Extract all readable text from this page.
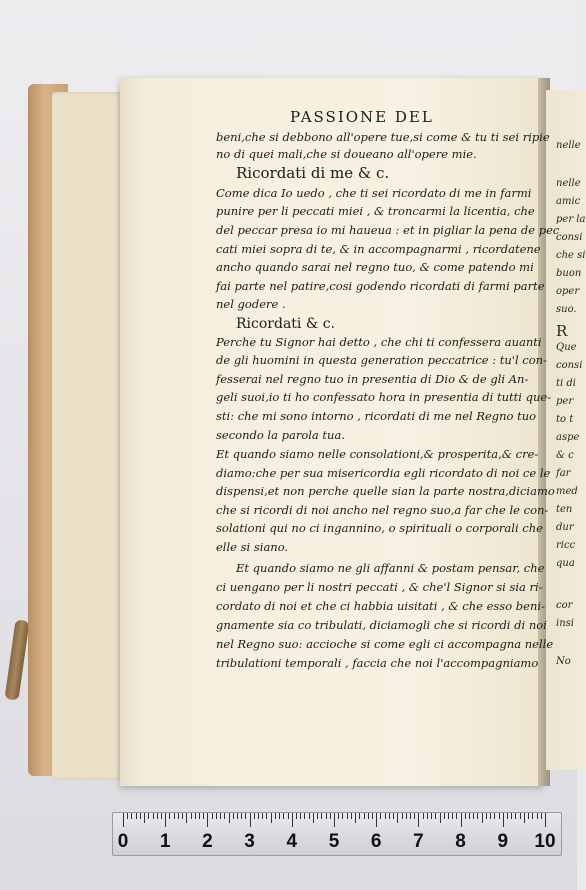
nelle
nelle
amic
per la
consi
che si
buon
oper
suo.
R
Que
consi
ti di
per
to t
aspe
& c
far
med
ten
dur
ricc
qua
cor
insi
No
PASSIONE DEL
beni,che si debbono all'opere tue,si come & tu ti sei ripie
no di quei mali,che si doueano all'opere mie.
Ricordati di me & c.
Come dica Io uedo , che ti sei ricordato di me in farmi
punire per li peccati miei , & troncarmi la licentia, che
del peccar presa io mi haueua : et in pigliar la pena de pec
cati miei sopra di te, & in accompagnarmi , ricordatene
ancho quando sarai nel regno tuo, & come patendo mi
fai parte nel patire,cosi godendo ricordati di farmi parte
nel godere .
Ricordati & c.
Perche tu Signor hai detto , che chi ti confessera auanti
de gli huomini in questa generation peccatrice : tu'l con-
fesserai nel regno tuo in presentia di Dio & de gli An-
geli suoi,io ti ho confessato hora in presentia di tutti que-
sti: che mi sono intorno , ricordati di me nel Regno tuo
secondo la parola tua.
Et quando siamo nelle consolationi,& prosperita,& cre-
diamo:che per sua misericordia egli ricordato di noi ce le
dispensi,et non perche quelle sian la parte nostra,diciamo
che si ricordi di noi ancho nel regno suo,a far che le con-
solationi qui no ci ingannino, o spirituali o corporali che
elle si siano.
Et quando siamo ne gli affanni & postam pensar, che
ci uengano per li nostri peccati , & che'l Signor si sia ri-
cordato di noi et che ci habbia uisitati , & che esso beni-
gnamente sia co tribulati, diciamogli che si ricordi di noi
nel Regno suo: accioche si come egli ci accompagna nelle
tribulationi temporali , faccia che noi l'accompagniamo
0 1 2 3 4 5 6 7 8 9 10
